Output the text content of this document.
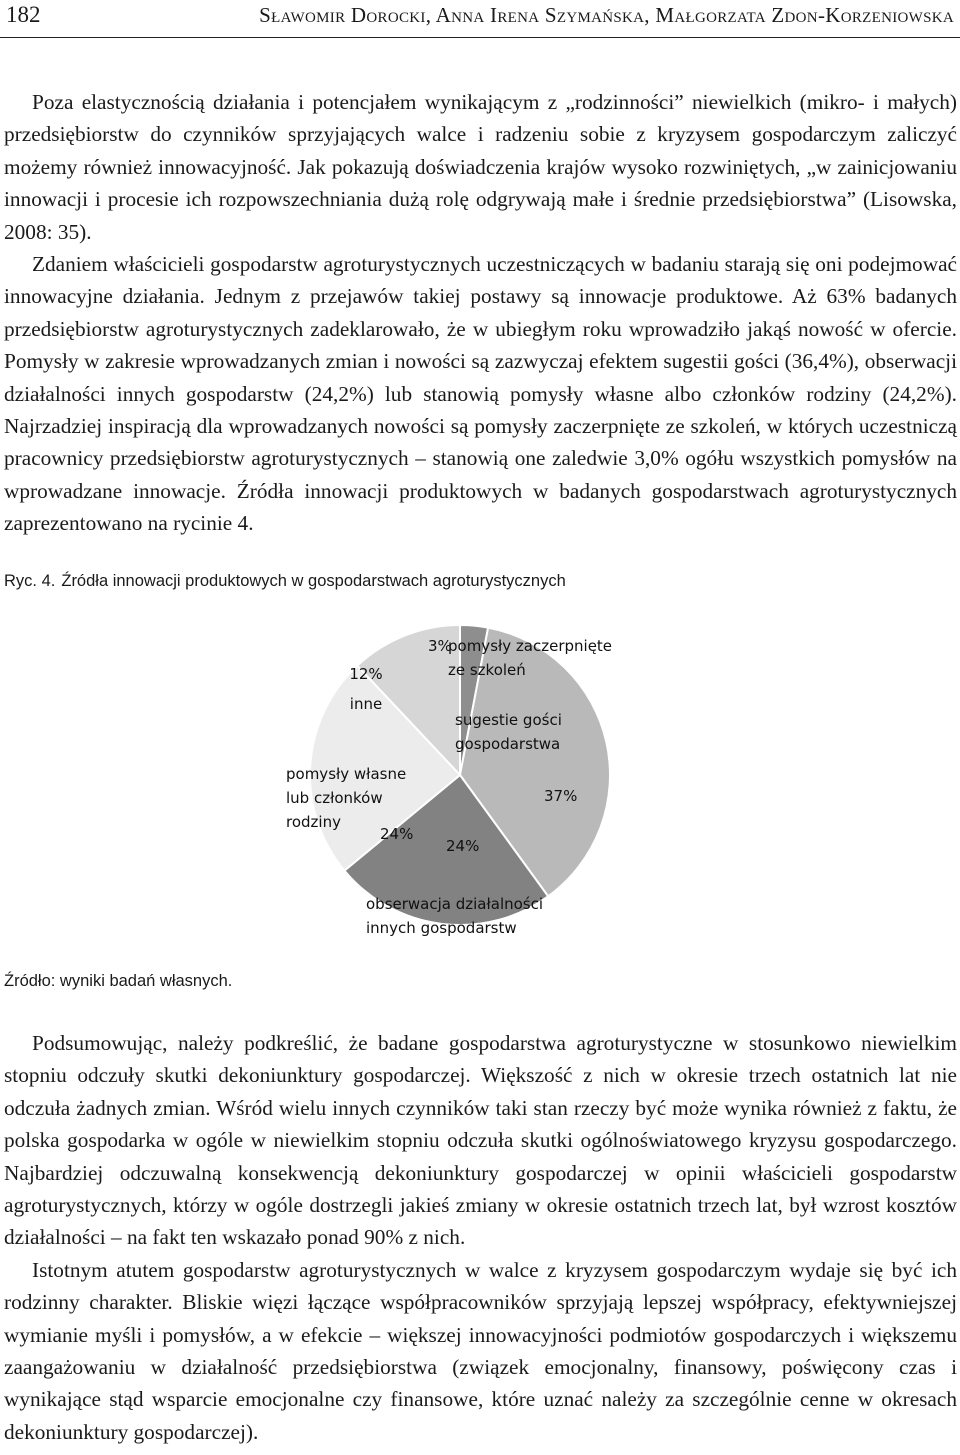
182	Sławomir Dorocki, Anna Irena Szymańska, Małgorzata Zdon-Korzeniowska

Poza elastycznością działania i potencjałem wynikającym z „rodzinności” niewielkich (mikro- i małych) przedsiębiorstw do czynników sprzyjających walce i radzeniu sobie z kryzysem gospodarczym zaliczyć możemy również innowacyjność. Jak pokazują doświadczenia krajów wysoko rozwiniętych, „w zainicjowaniu innowacji i procesie ich rozpowszechniania dużą rolę odgrywają małe i średnie przedsiębiorstwa” (Lisowska, 2008: 35).

Zdaniem właścicieli gospodarstw agroturystycznych uczestniczących w badaniu starają się oni podejmować innowacyjne działania. Jednym z przejawów takiej postawy są innowacje produktowe. Aż 63% badanych przedsiębiorstw agroturystycznych zadeklarowało, że w ubiegłym roku wprowadziło jakąś nowość w ofercie. Pomysły w zakresie wprowadzanych zmian i nowości są zazwyczaj efektem sugestii gości (36,4%), obserwacji działalności innych gospodarstw (24,2%) lub stanowią pomysły własne albo członków rodziny (24,2%). Najrzadziej inspiracją dla wprowadzanych nowości są pomysły zaczerpnięte ze szkoleń, w których uczestniczą pracownicy przedsiębiorstw agroturystycznych – stanowią one zaledwie 3,0% ogółu wszystkich pomysłów na wprowadzane innowacje. Źródła innowacji produktowych w badanych gospodarstwach agroturystycznych zaprezentowano na rycinie 4.

Ryc. 4. Źródła innowacji produktowych w gospodarstwach agroturystycznych
3%
pomysły zaczerpnięte
ze szkoleń
37%
sugestie gości
gospodarstwa
24%
obserwacja działalności
innych gospodarstw
24%
pomysły własne
lub członków
rodziny
12%
inne
Źródło: wyniki badań własnych.

Podsumowując, należy podkreślić, że badane gospodarstwa agroturystyczne w stosunkowo niewielkim stopniu odczuły skutki dekoniunktury gospodarczej. Większość z nich w okresie trzech ostatnich lat nie odczuła żadnych zmian. Wśród wielu innych czynników taki stan rzeczy być może wynika również z faktu, że polska gospodarka w ogóle w niewielkim stopniu odczuła skutki ogólnoświatowego kryzysu gospodarczego. Najbardziej odczuwalną konsekwencją dekoniunktury gospodarczej w opinii właścicieli gospodarstw agroturystycznych, którzy w ogóle dostrzegli jakieś zmiany w okresie ostatnich trzech lat, był wzrost kosztów działalności – na fakt ten wskazało ponad 90% z nich.

Istotnym atutem gospodarstw agroturystycznych w walce z kryzysem gospodarczym wydaje się być ich rodzinny charakter. Bliskie więzi łączące współpracowników sprzyjają lepszej współpracy, efektywniejszej wymianie myśli i pomysłów, a w efekcie – większej innowacyjności podmiotów gospodarczych i większemu zaangażowaniu w działalność przedsiębiorstwa (związek emocjonalny, finansowy, poświęcony czas i wynikające stąd wsparcie emocjonalne czy finansowe, które uznać należy za szczególnie cenne w okresach dekoniunktury gospodarczej).
